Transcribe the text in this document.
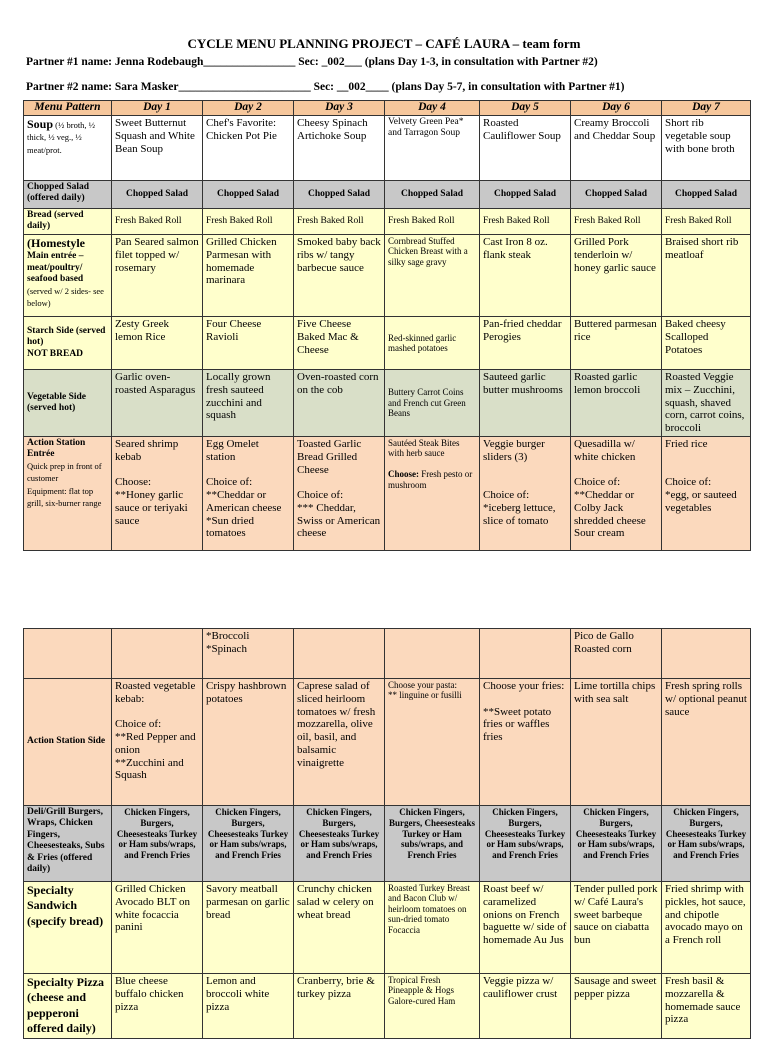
CYCLE MENU PLANNING PROJECT – CAFÉ LAURA – team form
Partner #1 name: Jenna Rodebaugh________________ Sec: _002___ (plans Day 1-3, in consultation with Partner #2)
Partner #2 name: Sara Masker_______________________ Sec: __002____ (plans Day 5-7, in consultation with Partner #1)
Menu Pattern	Day 1	Day 2	Day 3	Day 4	Day 5	Day 6	Day 7
Soup (½ broth, ½ thick, ½ veg., ½ meat/prot.	Sweet Butternut Squash and White Bean Soup	Chef's Favorite: Chicken Pot Pie	Cheesy Spinach Artichoke Soup	Velvety Green Pea* and Tarragon Soup	Roasted Cauliflower Soup	Creamy Broccoli and Cheddar Soup	Short rib vegetable soup with bone broth
Chopped Salad (offered daily)	Chopped Salad	Chopped Salad	Chopped Salad	Chopped Salad	Chopped Salad	Chopped Salad	Chopped Salad
Bread (served daily)	Fresh Baked Roll	Fresh Baked Roll	Fresh Baked Roll	Fresh Baked Roll	Fresh Baked Roll	Fresh Baked Roll	Fresh Baked Roll
(Homestyle
Main entrée – meat/poultry/ seafood based
(served w/ 2 sides- see below)	Pan Seared salmon filet topped w/ rosemary	Grilled Chicken Parmesan with homemade marinara	Smoked baby back ribs w/ tangy barbecue sauce	Cornbread Stuffed Chicken Breast with a silky sage gravy	Cast Iron 8 oz. flank steak	Grilled Pork tenderloin w/ honey garlic sauce	Braised short rib meatloaf
Starch Side (served hot)
NOT BREAD	Zesty Greek lemon Rice	Four Cheese Ravioli	Five Cheese Baked Mac & Cheese	Red-skinned garlic mashed potatoes	Pan-fried cheddar Perogies	Buttered parmesan rice	Baked cheesy Scalloped Potatoes
Vegetable Side (served hot)	Garlic oven-roasted Asparagus	Locally grown fresh sauteed zucchini and squash	Oven-roasted corn on the cob	Buttery Carrot Coins and French cut Green Beans	Sauteed garlic butter mushrooms	Roasted garlic lemon broccoli	Roasted Veggie mix – Zucchini, squash, shaved corn, carrot coins, broccoli
Action Station Entrée
Quick prep in front of customer
Equipment: flat top grill, six-burner range	Seared shrimp kebab

Choose:
**Honey garlic sauce or teriyaki sauce	Egg Omelet station

Choice of:
**Cheddar or American cheese
*Sun dried tomatoes	Toasted Garlic Bread Grilled Cheese

Choice of:
*** Cheddar, Swiss or American cheese	Sautéed Steak Bites with herb sauce

Choose: Fresh pesto or mushroom	Veggie burger sliders (3)

Choice of:
*iceberg lettuce, slice of tomato	Quesadilla w/ white chicken

Choice of:
**Cheddar or Colby Jack shredded cheese
Sour cream	Fried rice

Choice of:
*egg, or sauteed vegetables
		*Broccoli
*Spinach				Pico de Gallo
Roasted corn	
Action Station Side	Roasted vegetable kebab:

Choice of:
**Red Pepper and onion
**Zucchini and Squash	Crispy hashbrown potatoes	Caprese salad of sliced heirloom tomatoes w/ fresh mozzarella, olive oil, basil, and balsamic vinaigrette	Choose your pasta:
** linguine or fusilli	Choose your fries:

**Sweet potato fries or waffles fries	Lime tortilla chips with sea salt	Fresh spring rolls w/ optional peanut sauce
Deli/Grill Burgers, Wraps, Chicken Fingers, Cheesesteaks, Subs & Fries (offered daily)	Chicken Fingers, Burgers, Cheesesteaks Turkey or Ham subs/wraps, and French Fries	Chicken Fingers, Burgers, Cheesesteaks Turkey or Ham subs/wraps, and French Fries	Chicken Fingers, Burgers, Cheesesteaks Turkey or Ham subs/wraps, and French Fries	Chicken Fingers, Burgers, Cheesesteaks Turkey or Ham subs/wraps, and French Fries	Chicken Fingers, Burgers, Cheesesteaks Turkey or Ham subs/wraps, and French Fries	Chicken Fingers, Burgers, Cheesesteaks Turkey or Ham subs/wraps, and French Fries	Chicken Fingers, Burgers, Cheesesteaks Turkey or Ham subs/wraps, and French Fries
Specialty Sandwich (specify bread)	Grilled Chicken Avocado BLT on white focaccia panini	Savory meatball parmesan on garlic bread	Crunchy chicken salad w celery on wheat bread	Roasted Turkey Breast and Bacon Club w/ heirloom tomatoes on sun-dried tomato Focaccia	Roast beef w/ caramelized onions on French baguette w/ side of homemade Au Jus	Tender pulled pork w/ Café Laura's sweet barbeque sauce on ciabatta bun	Fried shrimp with pickles, hot sauce, and chipotle avocado mayo on a French roll
Specialty Pizza (cheese and pepperoni offered daily)	Blue cheese buffalo chicken pizza	Lemon and broccoli white pizza	Cranberry, brie & turkey pizza	Tropical Fresh Pineapple & Hogs Galore-cured Ham	Veggie pizza w/ cauliflower crust	Sausage and sweet pepper pizza	Fresh basil & mozzarella & homemade sauce pizza
